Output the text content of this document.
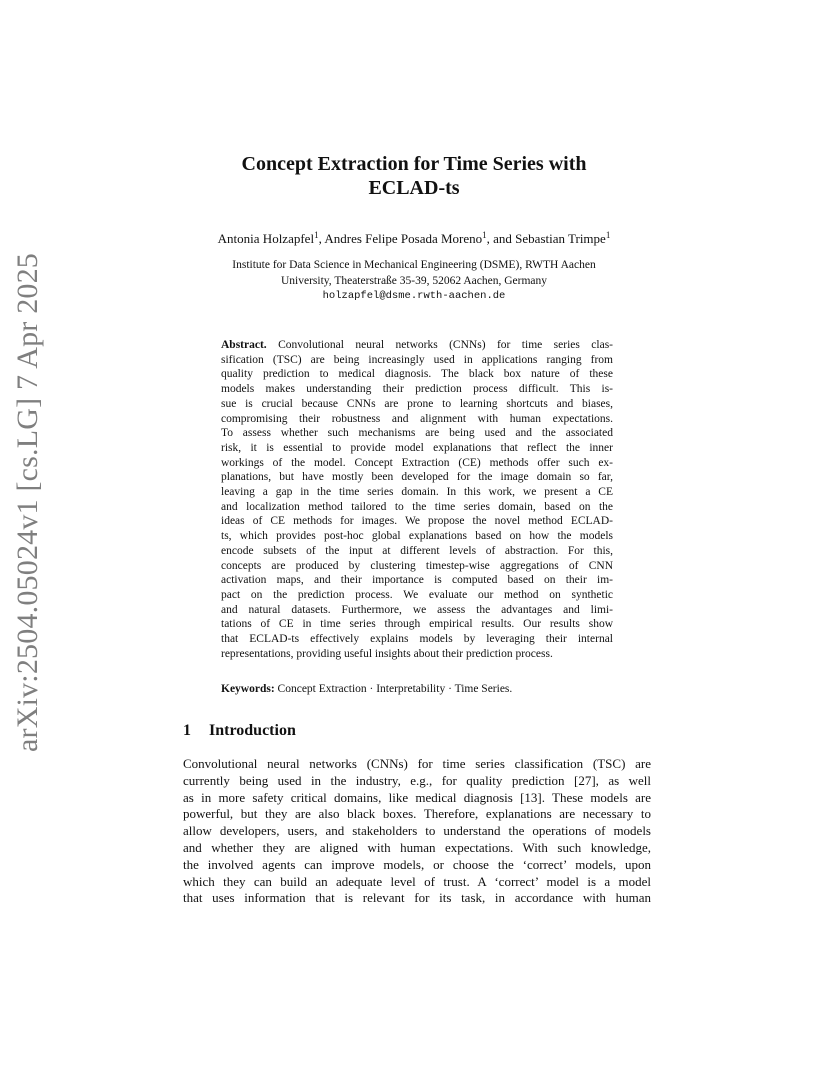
arXiv:2504.05024v1 [cs.LG] 7 Apr 2025
Concept Extraction for Time Series with
ECLAD-ts
Antonia Holzapfel$^1$, Andres Felipe Posada Moreno$^1$, and Sebastian Trimpe$^1$
Institute for Data Science in Mechanical Engineering (DSME), RWTH Aachen
University, Theaterstraße 35-39, 52062 Aachen, Germany
holzapfel@dsme.rwth-aachen.de
Abstract. Convolutional neural networks (CNNs) for time series clas-
sification (TSC) are being increasingly used in applications ranging from
quality prediction to medical diagnosis. The black box nature of these
models makes understanding their prediction process difficult. This is-
sue is crucial because CNNs are prone to learning shortcuts and biases,
compromising their robustness and alignment with human expectations.
To assess whether such mechanisms are being used and the associated
risk, it is essential to provide model explanations that reflect the inner
workings of the model. Concept Extraction (CE) methods offer such ex-
planations, but have mostly been developed for the image domain so far,
leaving a gap in the time series domain. In this work, we present a CE
and localization method tailored to the time series domain, based on the
ideas of CE methods for images. We propose the novel method ECLAD-
ts, which provides post-hoc global explanations based on how the models
encode subsets of the input at different levels of abstraction. For this,
concepts are produced by clustering timestep-wise aggregations of CNN
activation maps, and their importance is computed based on their im-
pact on the prediction process. We evaluate our method on synthetic
and natural datasets. Furthermore, we assess the advantages and limi-
tations of CE in time series through empirical results. Our results show
that ECLAD-ts effectively explains models by leveraging their internal
representations, providing useful insights about their prediction process.
Keywords: Concept Extraction · Interpretability · Time Series.
1 Introduction
Convolutional neural networks (CNNs) for time series classification (TSC) are
currently being used in the industry, e.g., for quality prediction [27], as well
as in more safety critical domains, like medical diagnosis [13]. These models are
powerful, but they are also black boxes. Therefore, explanations are necessary to
allow developers, users, and stakeholders to understand the operations of models
and whether they are aligned with human expectations. With such knowledge,
the involved agents can improve models, or choose the ‘correct’ models, upon
which they can build an adequate level of trust. A ‘correct’ model is a model
that uses information that is relevant for its task, in accordance with human
